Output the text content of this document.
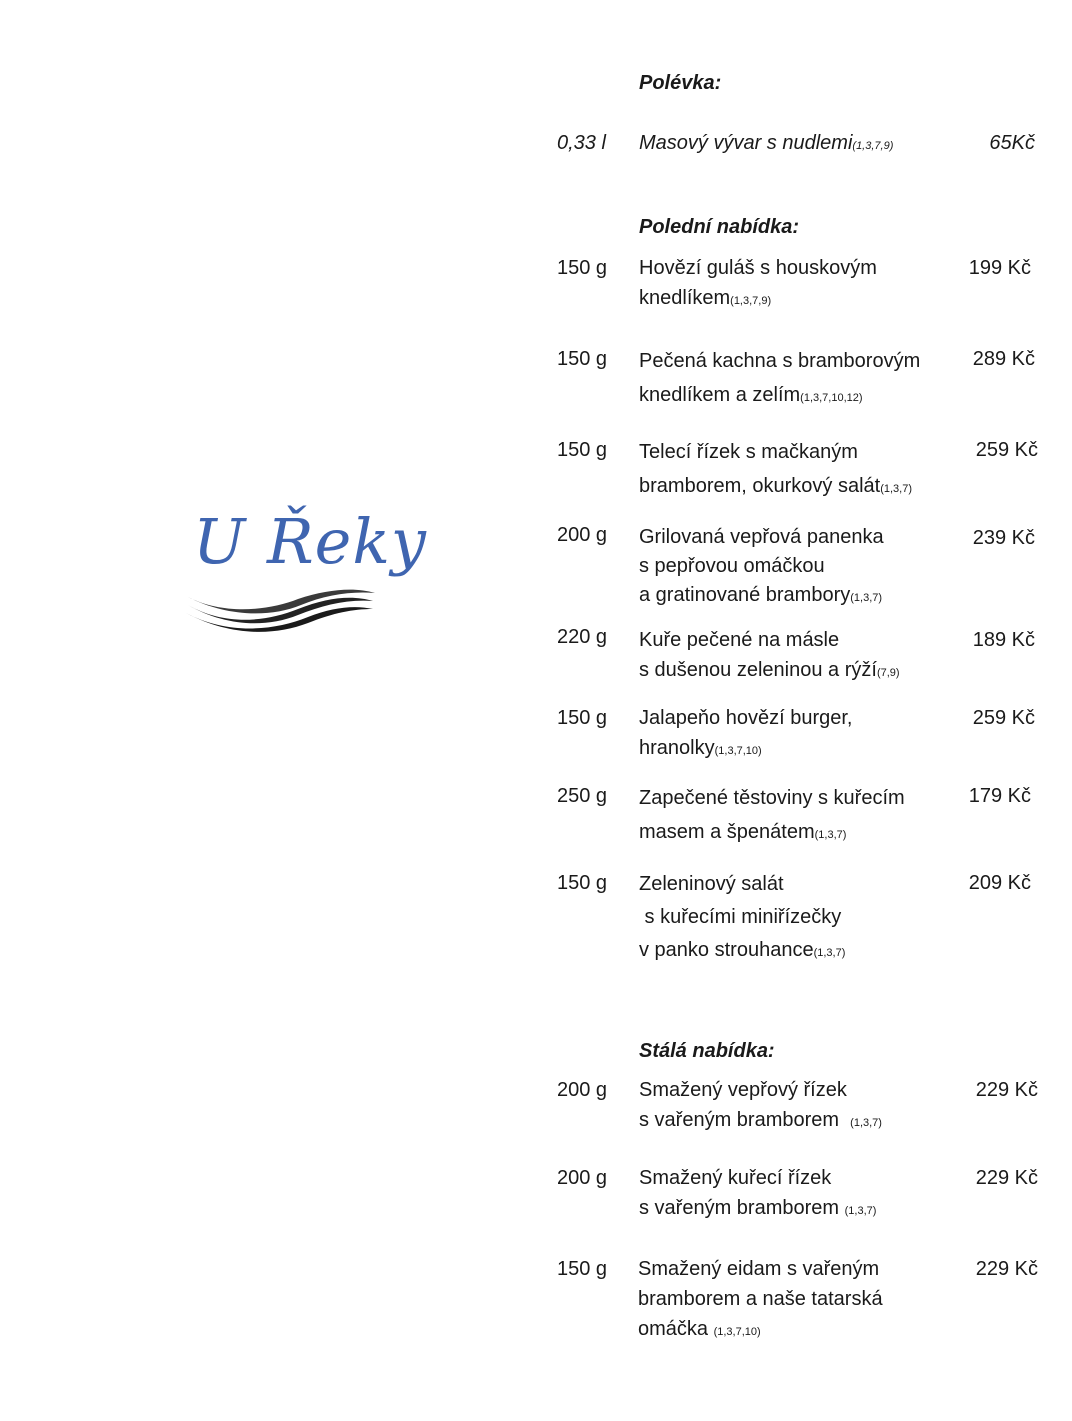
U Řeky
Polévka:
0,33 l Masový vývar s nudlemi(1,3,7,9)	65Kč
Polední nabídka:
150 g Hovězí guláš s houskovým
knedlíkem(1,3,7,9)
199 Kč
150 g Pečená kachna s bramborovým
knedlíkem a zelím(1,3,7,10,12)
289 Kč
150 g Telecí řízek s mačkaným
bramborem, okurkový salát(1,3,7)
259 Kč
200 g Grilovaná vepřová panenka
s pepřovou omáčkou
a gratinované brambory(1,3,7)
239 Kč
220 g Kuře pečené na másle
s dušenou zeleninou a rýží(7,9)
189 Kč
150 g Jalapeňo hovězí burger,
hranolky(1,3,7,10)
259 Kč
250 g Zapečené těstoviny s kuřecím
masem a špenátem(1,3,7)
179 Kč
150 g Zeleninový salát
s kuřecími miniřízečky
v panko strouhance(1,3,7)
209 Kč
Stálá nabídka:
200 g Smažený vepřový řízek
s vařeným bramborem  (1,3,7)
229 Kč
200 g Smažený kuřecí řízek
s vařeným bramborem (1,3,7)
229 Kč
150 g Smažený eidam s vařeným
bramborem a naše tatarská
omáčka (1,3,7,10)
229 Kč
